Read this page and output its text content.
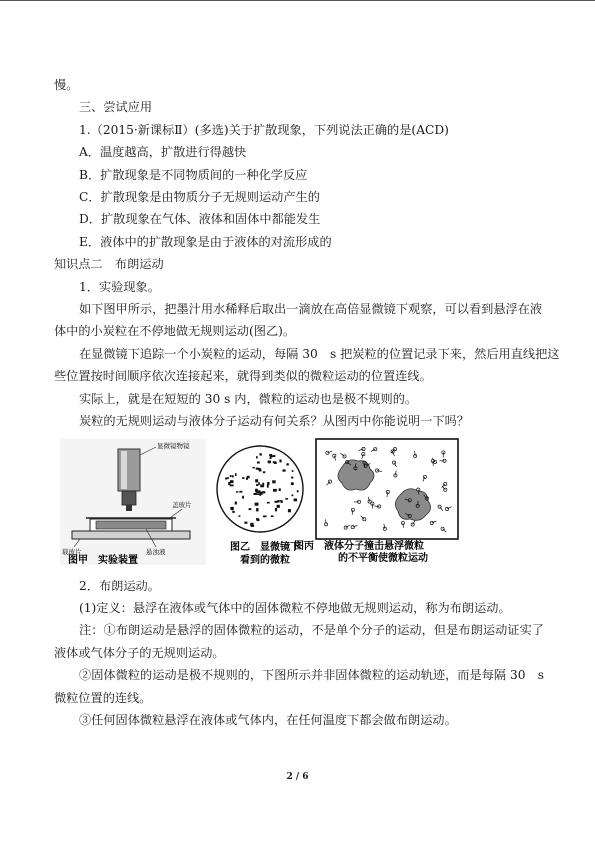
慢。

三、尝试应用

1.（2015·新课标Ⅱ）(多选)关于扩散现象，下列说法正确的是(ACD)

A．温度越高，扩散进行得越快

B．扩散现象是不同物质间的一种化学反应

C．扩散现象是由物质分子无规则运动产生的

D．扩散现象在气体、液体和固体中都能发生

E．液体中的扩散现象是由于液体的对流形成的

知识点二　布朗运动

1．实验现象。

如下图甲所示，把墨汁用水稀释后取出一滴放在高倍显微镜下观察，可以看到悬浮在液

体中的小炭粒在不停地做无规则运动(图乙)。

在显微镜下追踪一个小炭粒的运动，每隔 30　s 把炭粒的位置记录下来，然后用直线把这

些位置按时间顺序依次连接起来，就得到类似的微粒运动的位置连线。

实际上，就是在短短的 30 s 内，微粒的运动也是极不规则的。

炭粒的无规则运动与液体分子运动有何关系？从图丙中你能说明一下吗？

显微镜物镜
盖玻片
载玻片	悬浊液
图甲　实验装置
图乙　显微镜下
看到的微粒
图丙　液体分子撞击悬浮微粒
的不平衡使微粒运动

2．布朗运动。

(1)定义：悬浮在液体或气体中的固体微粒不停地做无规则运动，称为布朗运动。

注：①布朗运动是悬浮的固体微粒的运动，不是单个分子的运动，但是布朗运动证实了液体或气体分子的无规则运动。

②固体微粒的运动是极不规则的，下图所示并非固体微粒的运动轨迹，而是每隔 30　s 微粒位置的连线。

③任何固体微粒悬浮在液体或气体内，在任何温度下都会做布朗运动。

2 / 6
